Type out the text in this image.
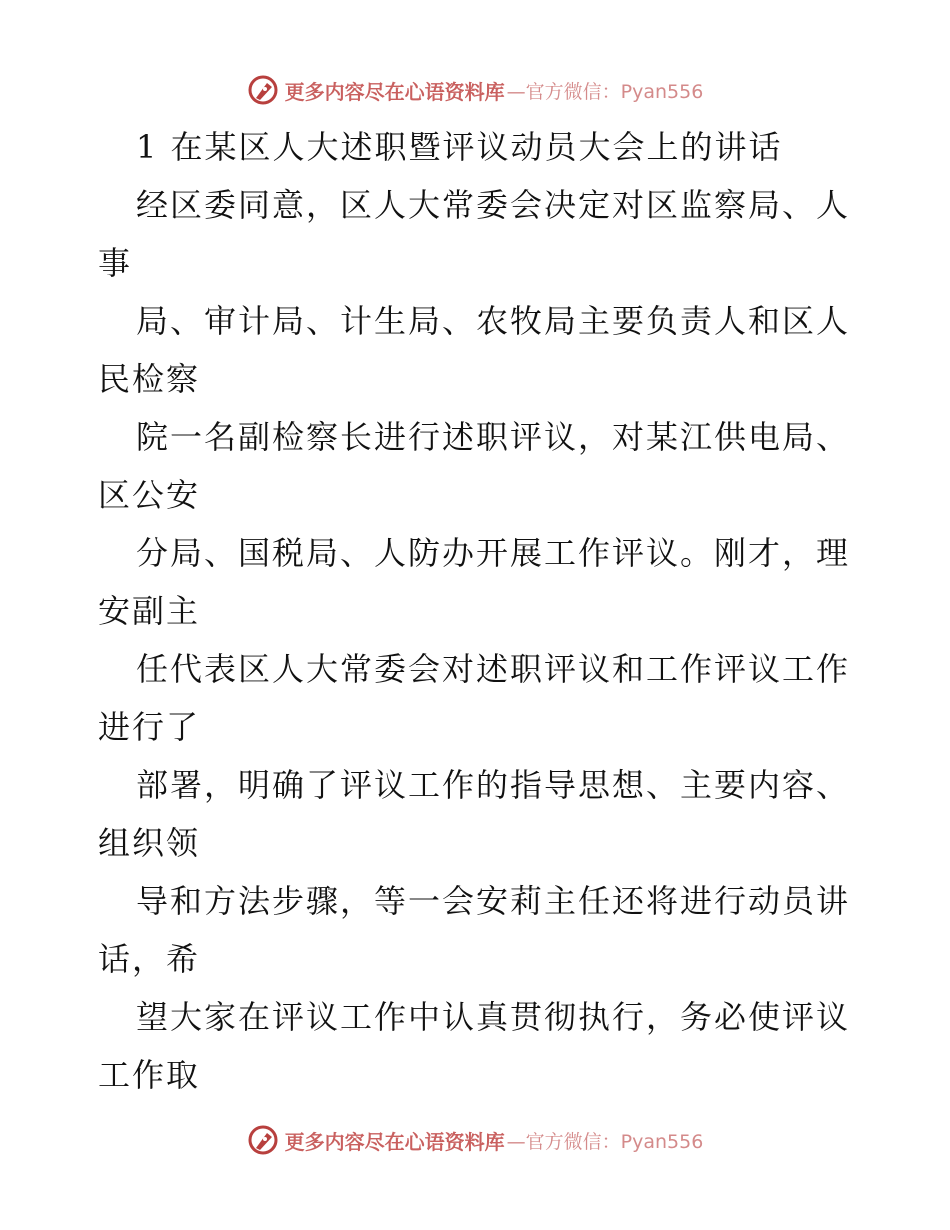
更多内容尽在心语资料库 —官方微信：Pyan556
1 在某区人大述职暨评议动员大会上的讲话
经区委同意，区人大常委会决定对区监察局、人
事
局、审计局、计生局、农牧局主要负责人和区人
民检察
院一名副检察长进行述职评议，对某江供电局、
区公安
分局、国税局、人防办开展工作评议。刚才，理
安副主
任代表区人大常委会对述职评议和工作评议工作
进行了
部署，明确了评议工作的指导思想、主要内容、
组织领
导和方法步骤，等一会安莉主任还将进行动员讲
话，希
望大家在评议工作中认真贯彻执行，务必使评议
工作取
更多内容尽在心语资料库 —官方微信：Pyan556
